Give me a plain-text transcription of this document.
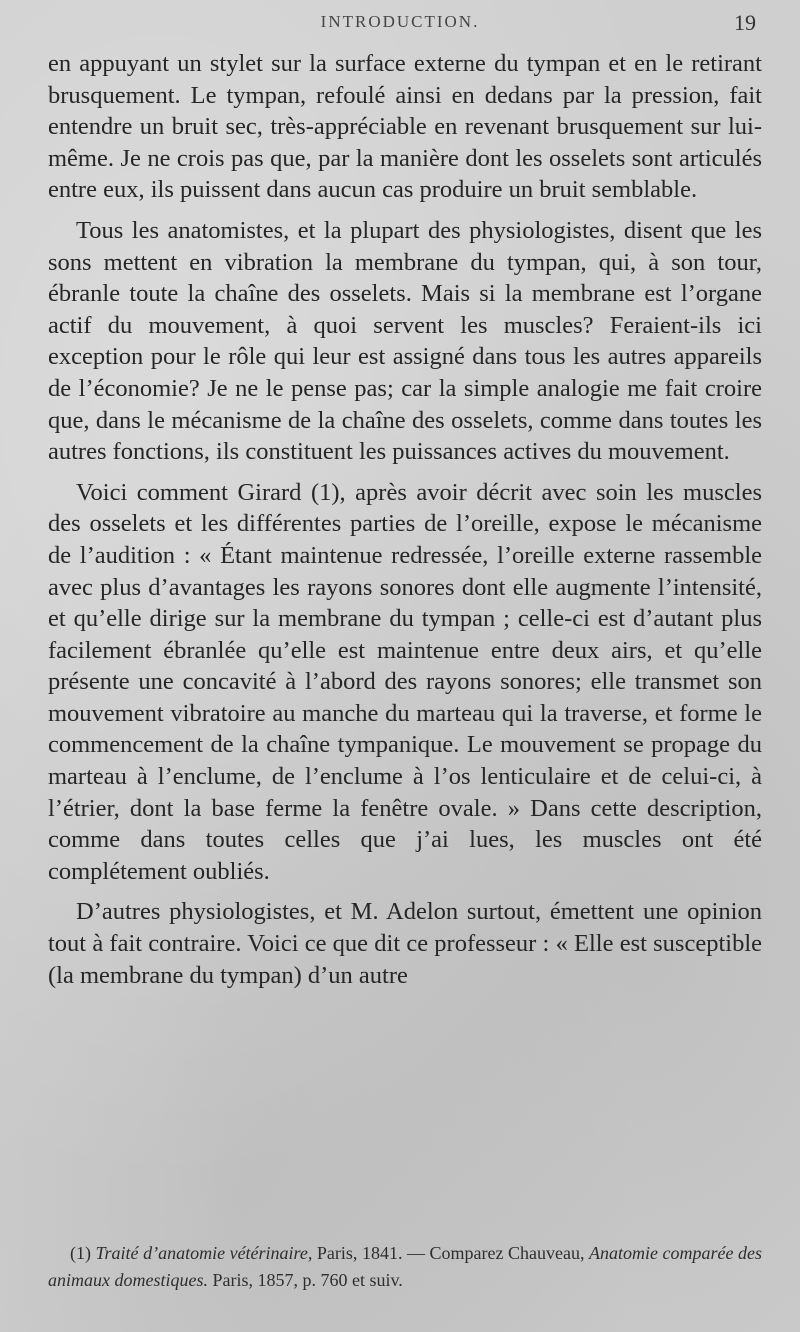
INTRODUCTION.	19

en appuyant un stylet sur la surface externe du tympan et en le retirant brusquement. Le tympan, refoulé ainsi en dedans par la pression, fait entendre un bruit sec, très-appréciable en revenant brusquement sur lui-même. Je ne crois pas que, par la manière dont les osselets sont articulés entre eux, ils puissent dans aucun cas produire un bruit semblable.

Tous les anatomistes, et la plupart des physiologistes, disent que les sons mettent en vibration la membrane du tympan, qui, à son tour, ébranle toute la chaîne des osselets. Mais si la membrane est l’organe actif du mouvement, à quoi servent les muscles? Feraient-ils ici exception pour le rôle qui leur est assigné dans tous les autres appareils de l’économie? Je ne le pense pas; car la simple analogie me fait croire que, dans le mécanisme de la chaîne des osselets, comme dans toutes les autres fonctions, ils constituent les puissances actives du mouvement.

Voici comment Girard (1), après avoir décrit avec soin les muscles des osselets et les différentes parties de l’oreille, expose le mécanisme de l’audition : « Étant maintenue redressée, l’oreille externe rassemble avec plus d’avantages les rayons sonores dont elle augmente l’intensité, et qu’elle dirige sur la membrane du tympan ; celle-ci est d’autant plus facilement ébranlée qu’elle est maintenue entre deux airs, et qu’elle présente une concavité à l’abord des rayons sonores; elle transmet son mouvement vibratoire au manche du marteau qui la traverse, et forme le commencement de la chaîne tympanique. Le mouvement se propage du marteau à l’enclume, de l’enclume à l’os lenticulaire et de celui-ci, à l’étrier, dont la base ferme la fenêtre ovale. » Dans cette description, comme dans toutes celles que j’ai lues, les muscles ont été complétement oubliés.

D’autres physiologistes, et M. Adelon surtout, émettent une opinion tout à fait contraire. Voici ce que dit ce professeur : « Elle est susceptible (la membrane du tympan) d’un autre

(1) Traité d’anatomie vétérinaire, Paris, 1841. — Comparez Chauveau, Anatomie comparée des animaux domestiques. Paris, 1857, p. 760 et suiv.
